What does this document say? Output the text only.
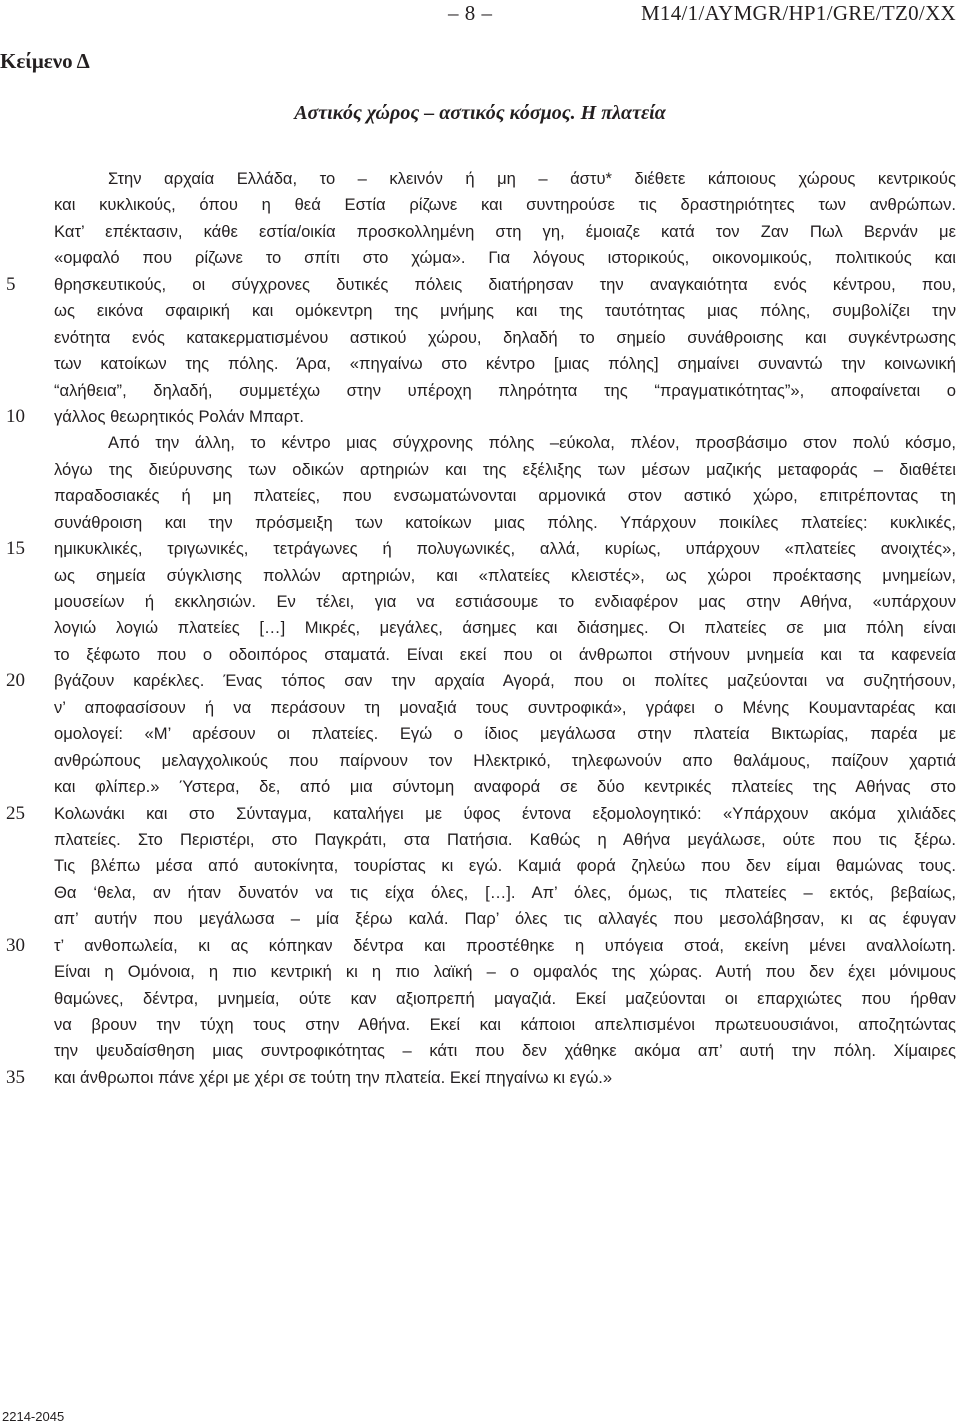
– 8 –	M14/1/AYMGR/HP1/GRE/TZ0/XX
Κείμενο Δ
Αστικός χώρος – αστικός κόσμος. Η πλατεία
Στην αρχαία Ελλάδα, το – κλεινόν ή μη – άστυ* διέθετε κάποιους χώρους κεντρικούς
και κυκλικούς, όπου η θεά Εστία ρίζωνε και συντηρούσε τις δραστηριότητες των ανθρώπων.
Κατ’ επέκτασιν, κάθε εστία/οικία προσκολλημένη στη γη, έμοιαζε κατά τον Ζαν Πωλ Βερνάν με
«ομφαλό που ρίζωνε το σπίτι στο χώμα». Για λόγους ιστορικούς, οικονομικούς, πολιτικούς και
5 θρησκευτικούς, οι σύγχρονες δυτικές πόλεις διατήρησαν την αναγκαιότητα ενός κέντρου, που,
ως εικόνα σφαιρική και ομόκεντρη της μνήμης και της ταυτότητας μιας πόλης, συμβολίζει την
ενότητα ενός κατακερματισμένου αστικού χώρου, δηλαδή το σημείο συνάθροισης και συγκέντρωσης
των κατοίκων της πόλης. Άρα, «πηγαίνω στο κέντρο [μιας πόλης] σημαίνει συναντώ την κοινωνική
“αλήθεια”, δηλαδή, συμμετέχω στην υπέροχη πληρότητα της “πραγματικότητας”», αποφαίνεται ο
10 γάλλος θεωρητικός Ρολάν Μπαρτ.
Από την άλλη, το κέντρο μιας σύγχρονης πόλης –εύκολα, πλέον, προσβάσιμο στον πολύ κόσμο,
λόγω της διεύρυνσης των οδικών αρτηριών και της εξέλιξης των μέσων μαζικής μεταφοράς – διαθέτει
παραδοσιακές ή μη πλατείες, που ενσωματώνονται αρμονικά στον αστικό χώρο, επιτρέποντας τη
συνάθροιση και την πρόσμειξη των κατοίκων μιας πόλης. Υπάρχουν ποικίλες πλατείες: κυκλικές,
15 ημικυκλικές, τριγωνικές, τετράγωνες ή πολυγωνικές, αλλά, κυρίως, υπάρχουν «πλατείες ανοιχτές»,
ως σημεία σύγκλισης πολλών αρτηριών, και «πλατείες κλειστές», ως χώροι προέκτασης μνημείων,
μουσείων ή εκκλησιών. Εν τέλει, για να εστιάσουμε το ενδιαφέρον μας στην Αθήνα, «υπάρχουν
λογιώ λογιώ πλατείες […] Μικρές, μεγάλες, άσημες και διάσημες. Οι πλατείες σε μια πόλη είναι
το ξέφωτο που ο οδοιπόρος σταματά. Είναι εκεί που οι άνθρωποι στήνουν μνημεία και τα καφενεία
20 βγάζουν καρέκλες. Ένας τόπος σαν την αρχαία Αγορά, που οι πολίτες μαζεύονται να συζητήσουν,
ν’ αποφασίσουν ή να περάσουν τη μοναξιά τους συντροφικά», γράφει ο Μένης Κουμανταρέας και
ομολογεί: «Μ’ αρέσουν οι πλατείες. Εγώ ο ίδιος μεγάλωσα στην πλατεία Βικτωρίας, παρέα με
ανθρώπους μελαγχολικούς που παίρνουν τον Ηλεκτρικό, τηλεφωνούν απο θαλάμους, παίζουν χαρτιά
και φλίπερ.» Ύστερα, δε, από μια σύντομη αναφορά σε δύο κεντρικές πλατείες της Αθήνας στο
25 Κολωνάκι και στο Σύνταγμα, καταλήγει με ύφος έντονα εξομολογητικό: «Υπάρχουν ακόμα χιλιάδες
πλατείες. Στο Περιστέρι, στο Παγκράτι, στα Πατήσια. Καθώς η Αθήνα μεγάλωσε, ούτε που τις ξέρω.
Τις βλέπω μέσα από αυτοκίνητα, τουρίστας κι εγώ. Καμιά φορά ζηλεύω που δεν είμαι θαμώνας τους.
Θα ‘θελα, αν ήταν δυνατόν να τις είχα όλες, […]. Απ’ όλες, όμως, τις πλατείες – εκτός, βεβαίως,
απ’ αυτήν που μεγάλωσα – μία ξέρω καλά. Παρ’ όλες τις αλλαγές που μεσολάβησαν, κι ας έφυγαν
30 τ’ ανθοπωλεία, κι ας κόπηκαν δέντρα και προστέθηκε η υπόγεια στοά, εκείνη μένει αναλλοίωτη.
Είναι η Ομόνοια, η πιο κεντρική κι η πιο λαϊκή – ο ομφαλός της χώρας. Αυτή που δεν έχει μόνιμους
θαμώνες, δέντρα, μνημεία, ούτε καν αξιοπρεπή μαγαζιά. Εκεί μαζεύονται οι επαρχιώτες που ήρθαν
να βρουν την τύχη τους στην Αθήνα. Εκεί και κάποιοι απελπισμένοι πρωτευουσιάνοι, αποζητώντας
την ψευδαίσθηση μιας συντροφικότητας – κάτι που δεν χάθηκε ακόμα απ’ αυτή την πόλη. Χίμαιρες
35 και άνθρωποι πάνε χέρι με χέρι σε τούτη την πλατεία. Εκεί πηγαίνω κι εγώ.»
2214-2045
